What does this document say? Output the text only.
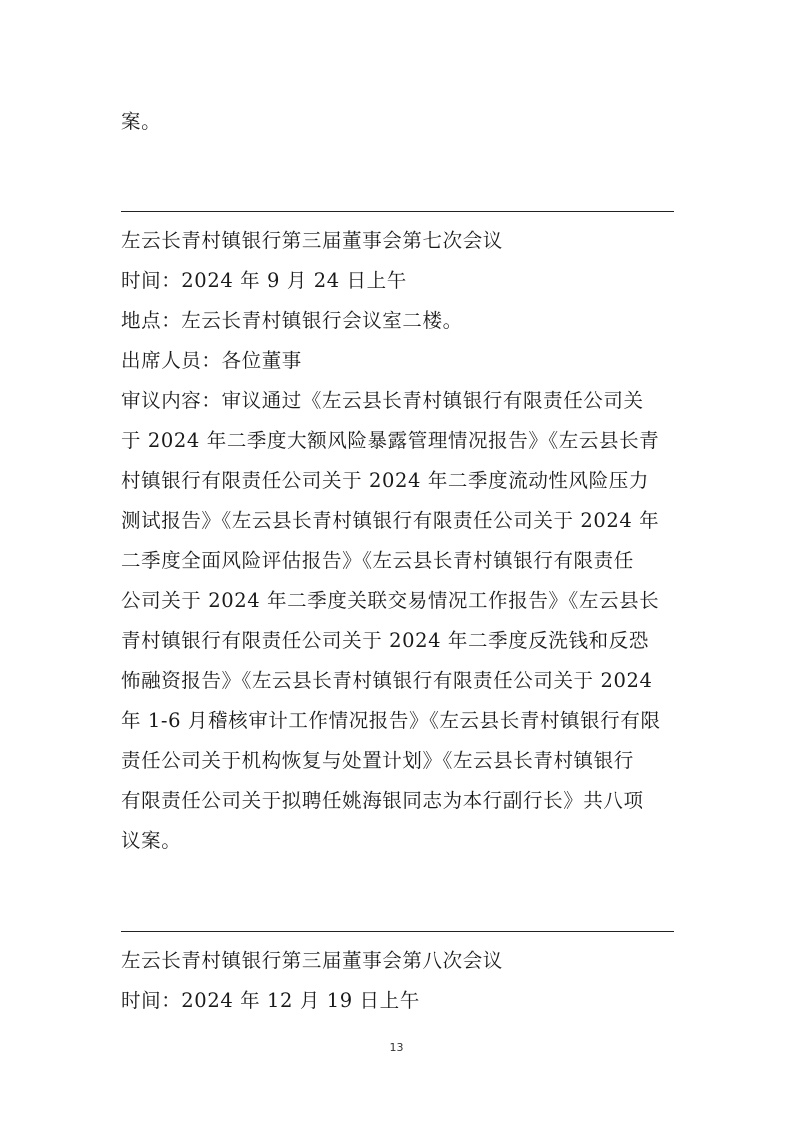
案。
左云长青村镇银行第三届董事会第七次会议
时间：2024 年 9 月 24 日上午
地点：左云长青村镇银行会议室二楼。
出席人员：各位董事
审议内容：审议通过《左云县长青村镇银行有限责任公司关
于 2024 年二季度大额风险暴露管理情况报告》《左云县长青
村镇银行有限责任公司关于 2024 年二季度流动性风险压力
测试报告》《左云县长青村镇银行有限责任公司关于 2024 年
二季度全面风险评估报告》《左云县长青村镇银行有限责任
公司关于 2024 年二季度关联交易情况工作报告》《左云县长
青村镇银行有限责任公司关于 2024 年二季度反洗钱和反恐
怖融资报告》《左云县长青村镇银行有限责任公司关于 2024
年 1-6 月稽核审计工作情况报告》《左云县长青村镇银行有限
责任公司关于机构恢复与处置计划》《左云县长青村镇银行
有限责任公司关于拟聘任姚海银同志为本行副行长》共八项
议案。
左云长青村镇银行第三届董事会第八次会议
时间：2024 年 12 月 19 日上午
13
